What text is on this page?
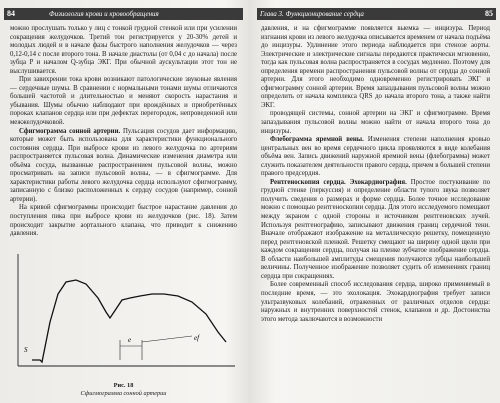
84	Физиология крови и кровообращения

можно прослушать только у лиц с тонкой грудной стенкой или при усилении сокращения желудочков. Третий тон регистрируется у 20-30% детей и молодых людей и в начале фазы быстрого наполнения желудочков — через 0,12-0,14 с после второго тона. В начале диастолы (от 0,04 с до начала) после зубца P и началом Q-зубца ЭКГ. При обычной аускультации этот тон не выслушивается.

При завихрении тока крови возникают патологические звуковые явления — сердечные шумы. В сравнении с нормальными тонами шумы отличаются большей частотой и длительностью и меняют скорость нарастания и убывания. Шумы обычно наблюдают при врождённых и приобретённых пороках клапанов сердца или при дефектах перегородок, непроведенной или межжелудочковой.

Сфигмограмма сонной артерии. Пульсация сосудов дает информацию, которые может быть использована для характеристики функционального состояния сердца. При выбросе крови из левого желудочка по артериям распространяется пульсовая волна. Динамические изменения диаметра или объёма сосуда, вызванные распространением пульсовой волны, можно просматривать на записи пульсовой волны, — в сфигмограмме. Для характеристики работы левого желудочка сердца используют сфигмограмму, записанную с близко расположенных к сердцу сосудов (например, сонной артерии).

На кривой сфигмограммы происходит быстрое нарастание давления до поступления пика при выбросе крови из желудочков (рис. 18). Затем происходит закрытие аортального клапана, что приводит к снижению давления.

S
e	ef
Рис. 18
Сфигмограмма сонной артерии
Глава 3. Функционирование сердца	85

давления, и на сфигмограмме появляется выемка — инцизура. Период изгнания крови из левого желудочка описывается временем от начала подъёма до инцизуры. Удлинение этого периода наблюдается при стенозе аорты. Электрические и электрические сигналы передаются практически мгновенно, тогда как пульсовая волна распространяется в сосудах медленно. Поэтому для определения времени распространения пульсовой волны от сердца до сонной артерии. Для этого необходимо одновременно регистрировать ЭКГ и сфигмограмму сонной артерии. Время запаздывания пульсовой волны можно определить от начала комплекса QRS до начала второго тона, а также найти ЭКГ.

проводящей системы, сонной артерии на ЭКГ и сфигмограмме. Время запаздывания пульсовой волны можно найти от начала второго тона до инцизуры.

Флебограмма яремной вены. Изменения степени наполнения кровью центральных вен во время сердечного цикла проявляются в виде колебания объёма вен. Запись движений наружной яремной вены (флебограмма) может служить показателем деятельности правого сердца, причем в большей степени правого предсердия.

Рентгеноскопия сердца. Эхокардиография. Простое постукивание по грудной стенке (перкуссия) и определение области тупого звука позволяет получить сведения о размерах и форме сердца. Более точное исследование можно с помощью рентгеноскопии сердца. Для этого исследуемого помещают между экраном с одной стороны и источником рентгеновских лучей. Используя рентгенографию, записывают движения границ сердечной тени. Вначале отображают изображение на металлическую решетку, помещенную перед рентгеновской пленкой. Решетку смещают на ширину одной щели при каждом сокращении сердца, получая на пленке зубчатое изображение сердца. В области наибольшей амплитуды смещения получаются зубцы наибольшей величины. Полученное изображение позволяет судить об изменениях границ сердца при сокращениях.

Более современный способ исследования сердца, широко применяемый в последние время, — это эхолокация. Эхокардиография требует записи ультразвуковых колебаний, отраженных от различных отделов сердца: наружных и внутренних поверхностей стенок, клапанов и др. Достоинства этого метода заключаются в возможности
